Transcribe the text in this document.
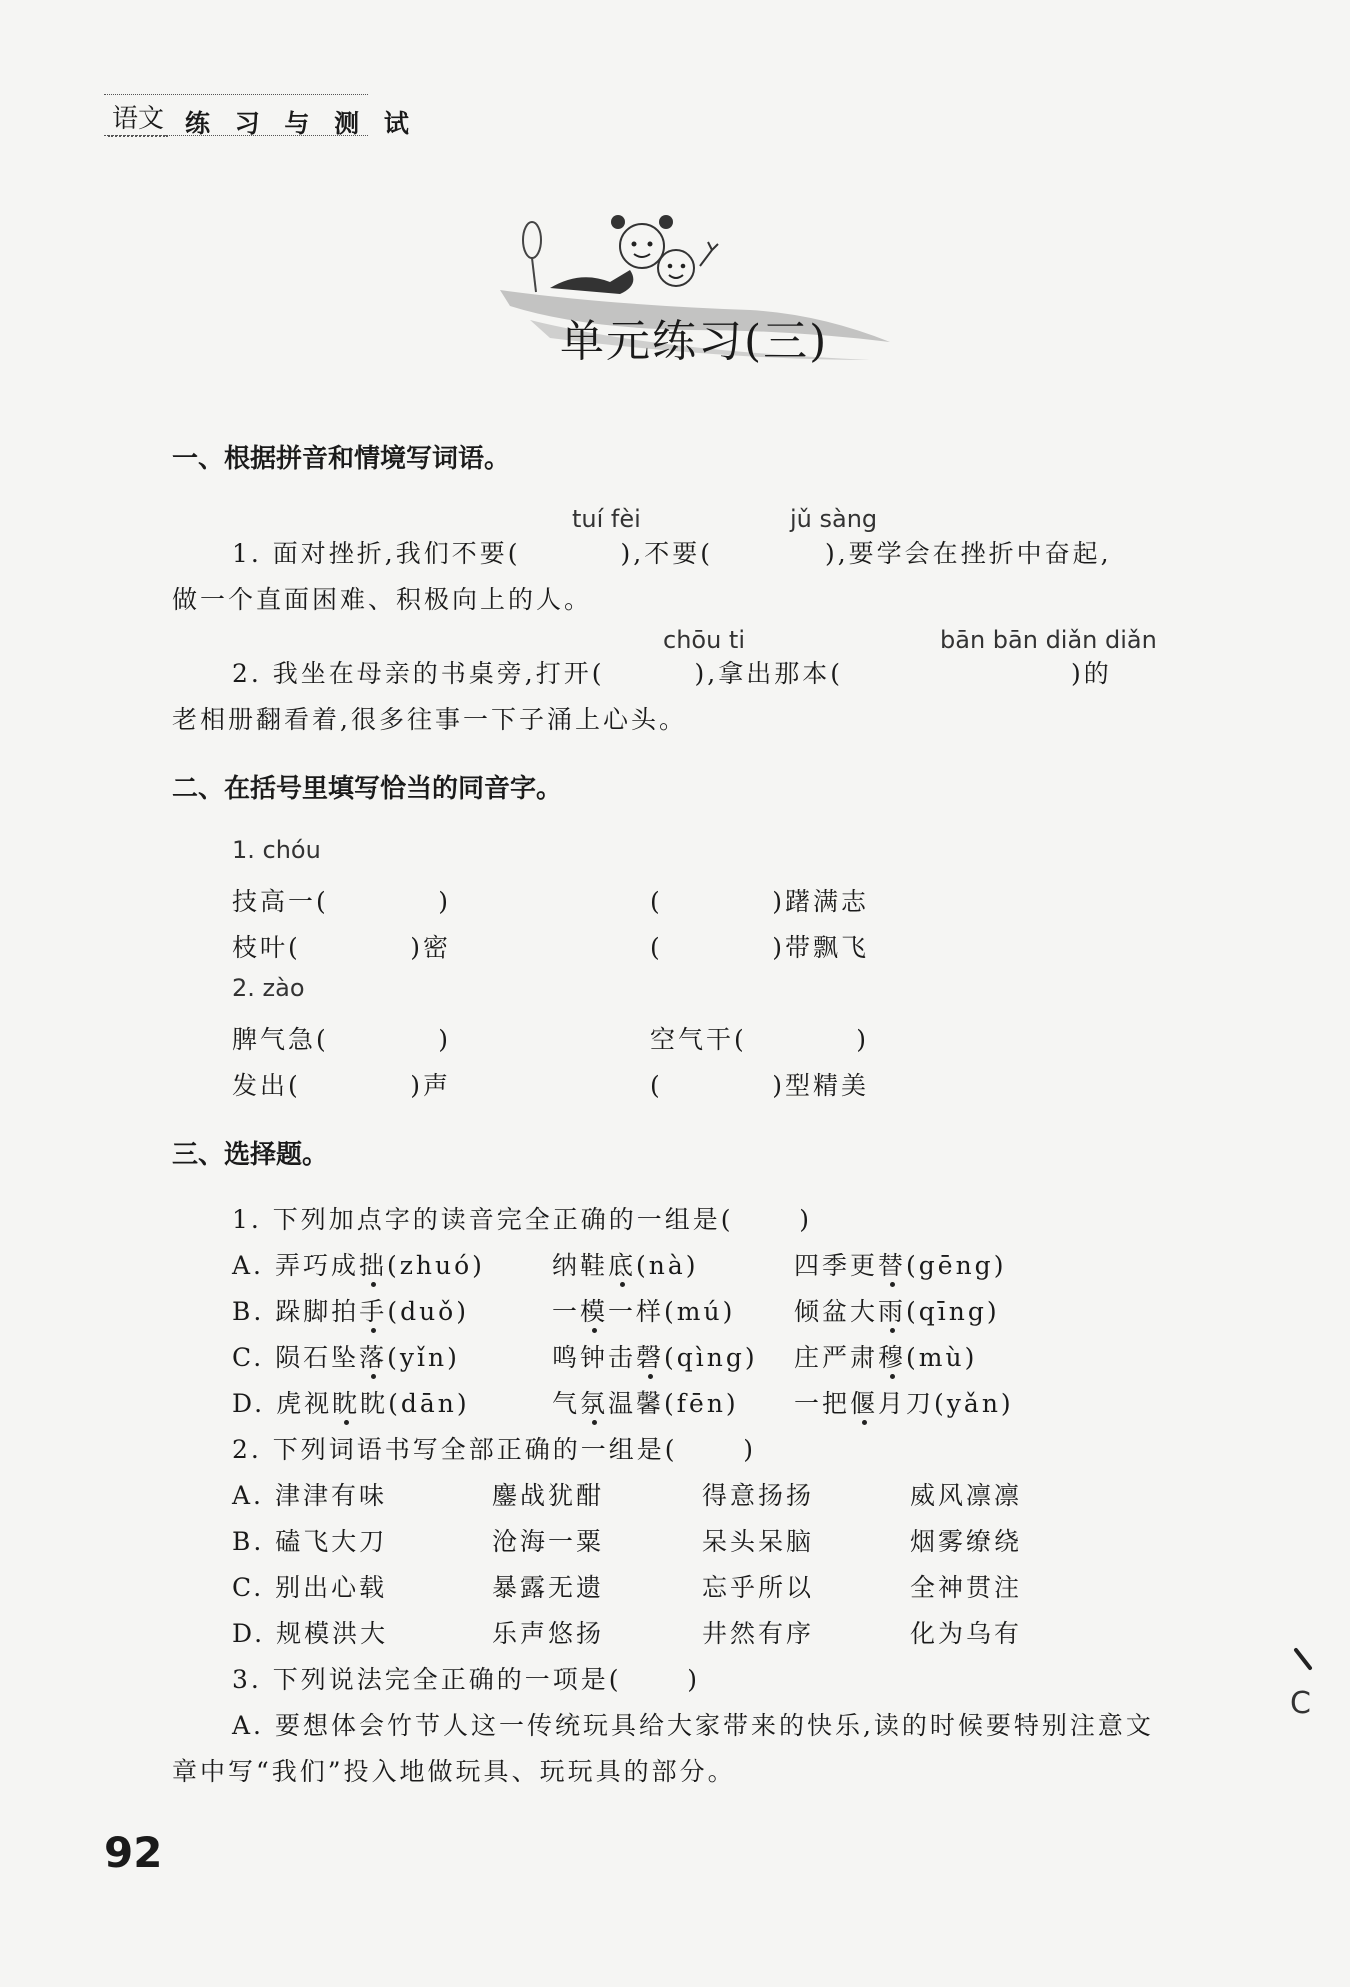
语文 练 习 与 测 试
单元练习(三)
一、根据拼音和情境写词语。
tuí fèi	jǔ sàng
1. 面对挫折,我们不要(	),不要(	),要学会在挫折中奋起,
做一个直面困难、积极向上的人。
chōu ti	bān bān diǎn diǎn
2. 我坐在母亲的书桌旁,打开(	),拿出那本(	)的
老相册翻看着,很多往事一下子涌上心头。
二、在括号里填写恰当的同音字。
1. chóu
技高一(          )	(          )躇满志
枝叶(          )密	(          )带飘飞
2. zào
脾气急(          )	空气干(          )
发出(          )声	(          )型精美
三、选择题。
1. 下列加点字的读音完全正确的一组是(      )
A. 弄巧成拙(zhuó)	纳鞋底(nà)	四季更替(gēng)
B. 跺脚拍手(duǒ)	一模一样(mú) 倾盆大雨(qīng)
C. 陨石坠落(yǐn)	鸣钟击磬(qìng) 庄严肃穆(mù)
D. 虎视眈眈(dān)	气氛温馨(fēn) 一把偃月刀(yǎn)
2. 下列词语书写全部正确的一组是(      )
A. 津津有味	鏖战犹酣	得意扬扬	威风凛凛
B. 磕飞大刀	沧海一粟	呆头呆脑	烟雾缭绕
C. 别出心载	暴露无遗	忘乎所以	全神贯注
D. 规模洪大	乐声悠扬	井然有序	化为乌有
3. 下列说法完全正确的一项是(      )
A. 要想体会竹节人这一传统玩具给大家带来的快乐,读的时候要特别注意文
章中写“我们”投入地做玩具、玩玩具的部分。
C
92
